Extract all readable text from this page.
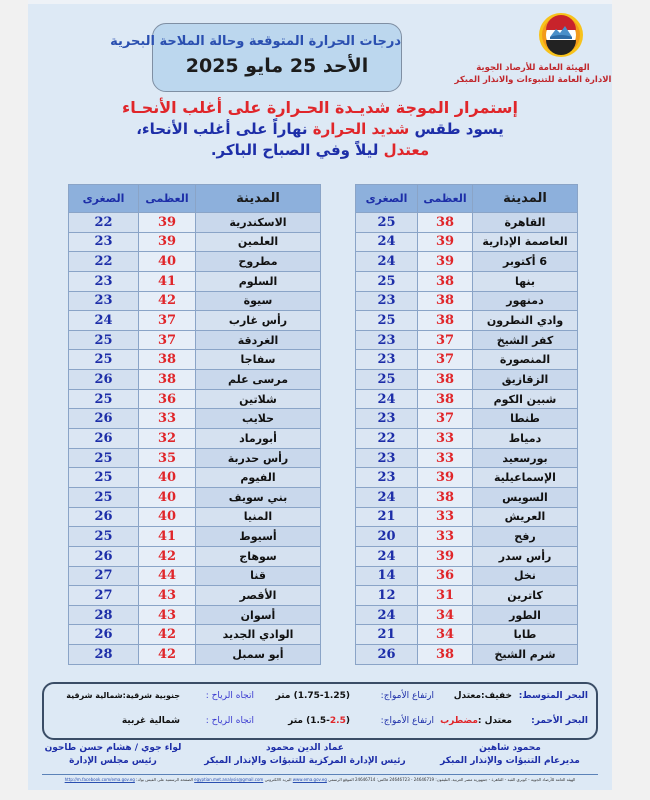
درجات الحرارة المتوقعة وحالة الملاحة البحرية
الأحد 25 مايو 2025	الهيئة العامة للأرصاد الجوية
الادارة العامة للتنبوءات والانذار المبكر
إستمرار الموجة شديـدة الحـرارة على أغلب الأنحـاء
يسود طقس شديد الحرارة نهاراً على أغلب الأنحاء،
معتدل ليلاً وفي الصباح الباكر.
المدينة	العظمى	الصغرى
القاهرة	38	25
العاصمة الإدارية	39	24
6 أكتوبر	39	24
بنها	38	25
دمنهور	38	23
وادي النطرون	38	25
كفر الشيخ	37	23
المنصورة	37	23
الزقازيق	38	25
شبين الكوم	38	24
طنطا	37	23
دمياط	33	22
بورسعيد	33	23
الإسماعيلية	39	23
السويس	38	24
العريش	33	21
رفح	33	20
رأس سدر	39	24
نخل	36	14
كاترين	31	12
الطور	34	24
طابا	34	21
شرم الشيخ	38	26
المدينة	العظمى	الصغرى
الاسكندرية	39	22
العلمين	39	23
مطروح	40	22
السلوم	41	23
سيوة	42	23
رأس غارب	37	24
الغردقة	37	25
سفاجا	38	25
مرسى علم	38	26
شلاتين	36	25
حلايب	33	26
أبورماد	32	26
رأس حدربة	35	25
الفيوم	40	25
بني سويف	40	25
المنيا	40	26
أسيوط	41	25
سوهاج	42	26
قنا	44	27
الأقصر	43	27
أسوان	43	28
الوادي الجديد	42	26
أبو سمبل	42	28
البحر المتوسط:
خفيف:معتدل
ارتفاع الأمواج:
(1.75-1.25) متر
اتجاه الرياح :
جنوبية شرقية:شمالية شرقية
البحر الأحمر:
معتدل :مضطرب
ارتفاع الأمواج:
(1.5-2.5) متر
اتجاه الرياح :
شمالية غربية
محمود شاهين
مديرعام التنبؤات والإنذار المبكر
عماد الدين محمود
رئيس الإدارة المركزية للتنبؤات والإنذار المبكر
لواء جوي / هشام حسن طاحون
رئيس مجلس الإدارة
الهيئة العامة للأرصاد الجوية - كوبري القبة - القاهرة - جمهورية مصر العربية. التليفون: 24646719 - 24646723 فاكس: 24646714 الموقع الرسمي www.ema.gov.eg البريد الالكتروني egyptian.met.analysis@gmail.com الصفحة الرسمية على الفيس بوك: http://m.facebook.com/ema.gov.eg
